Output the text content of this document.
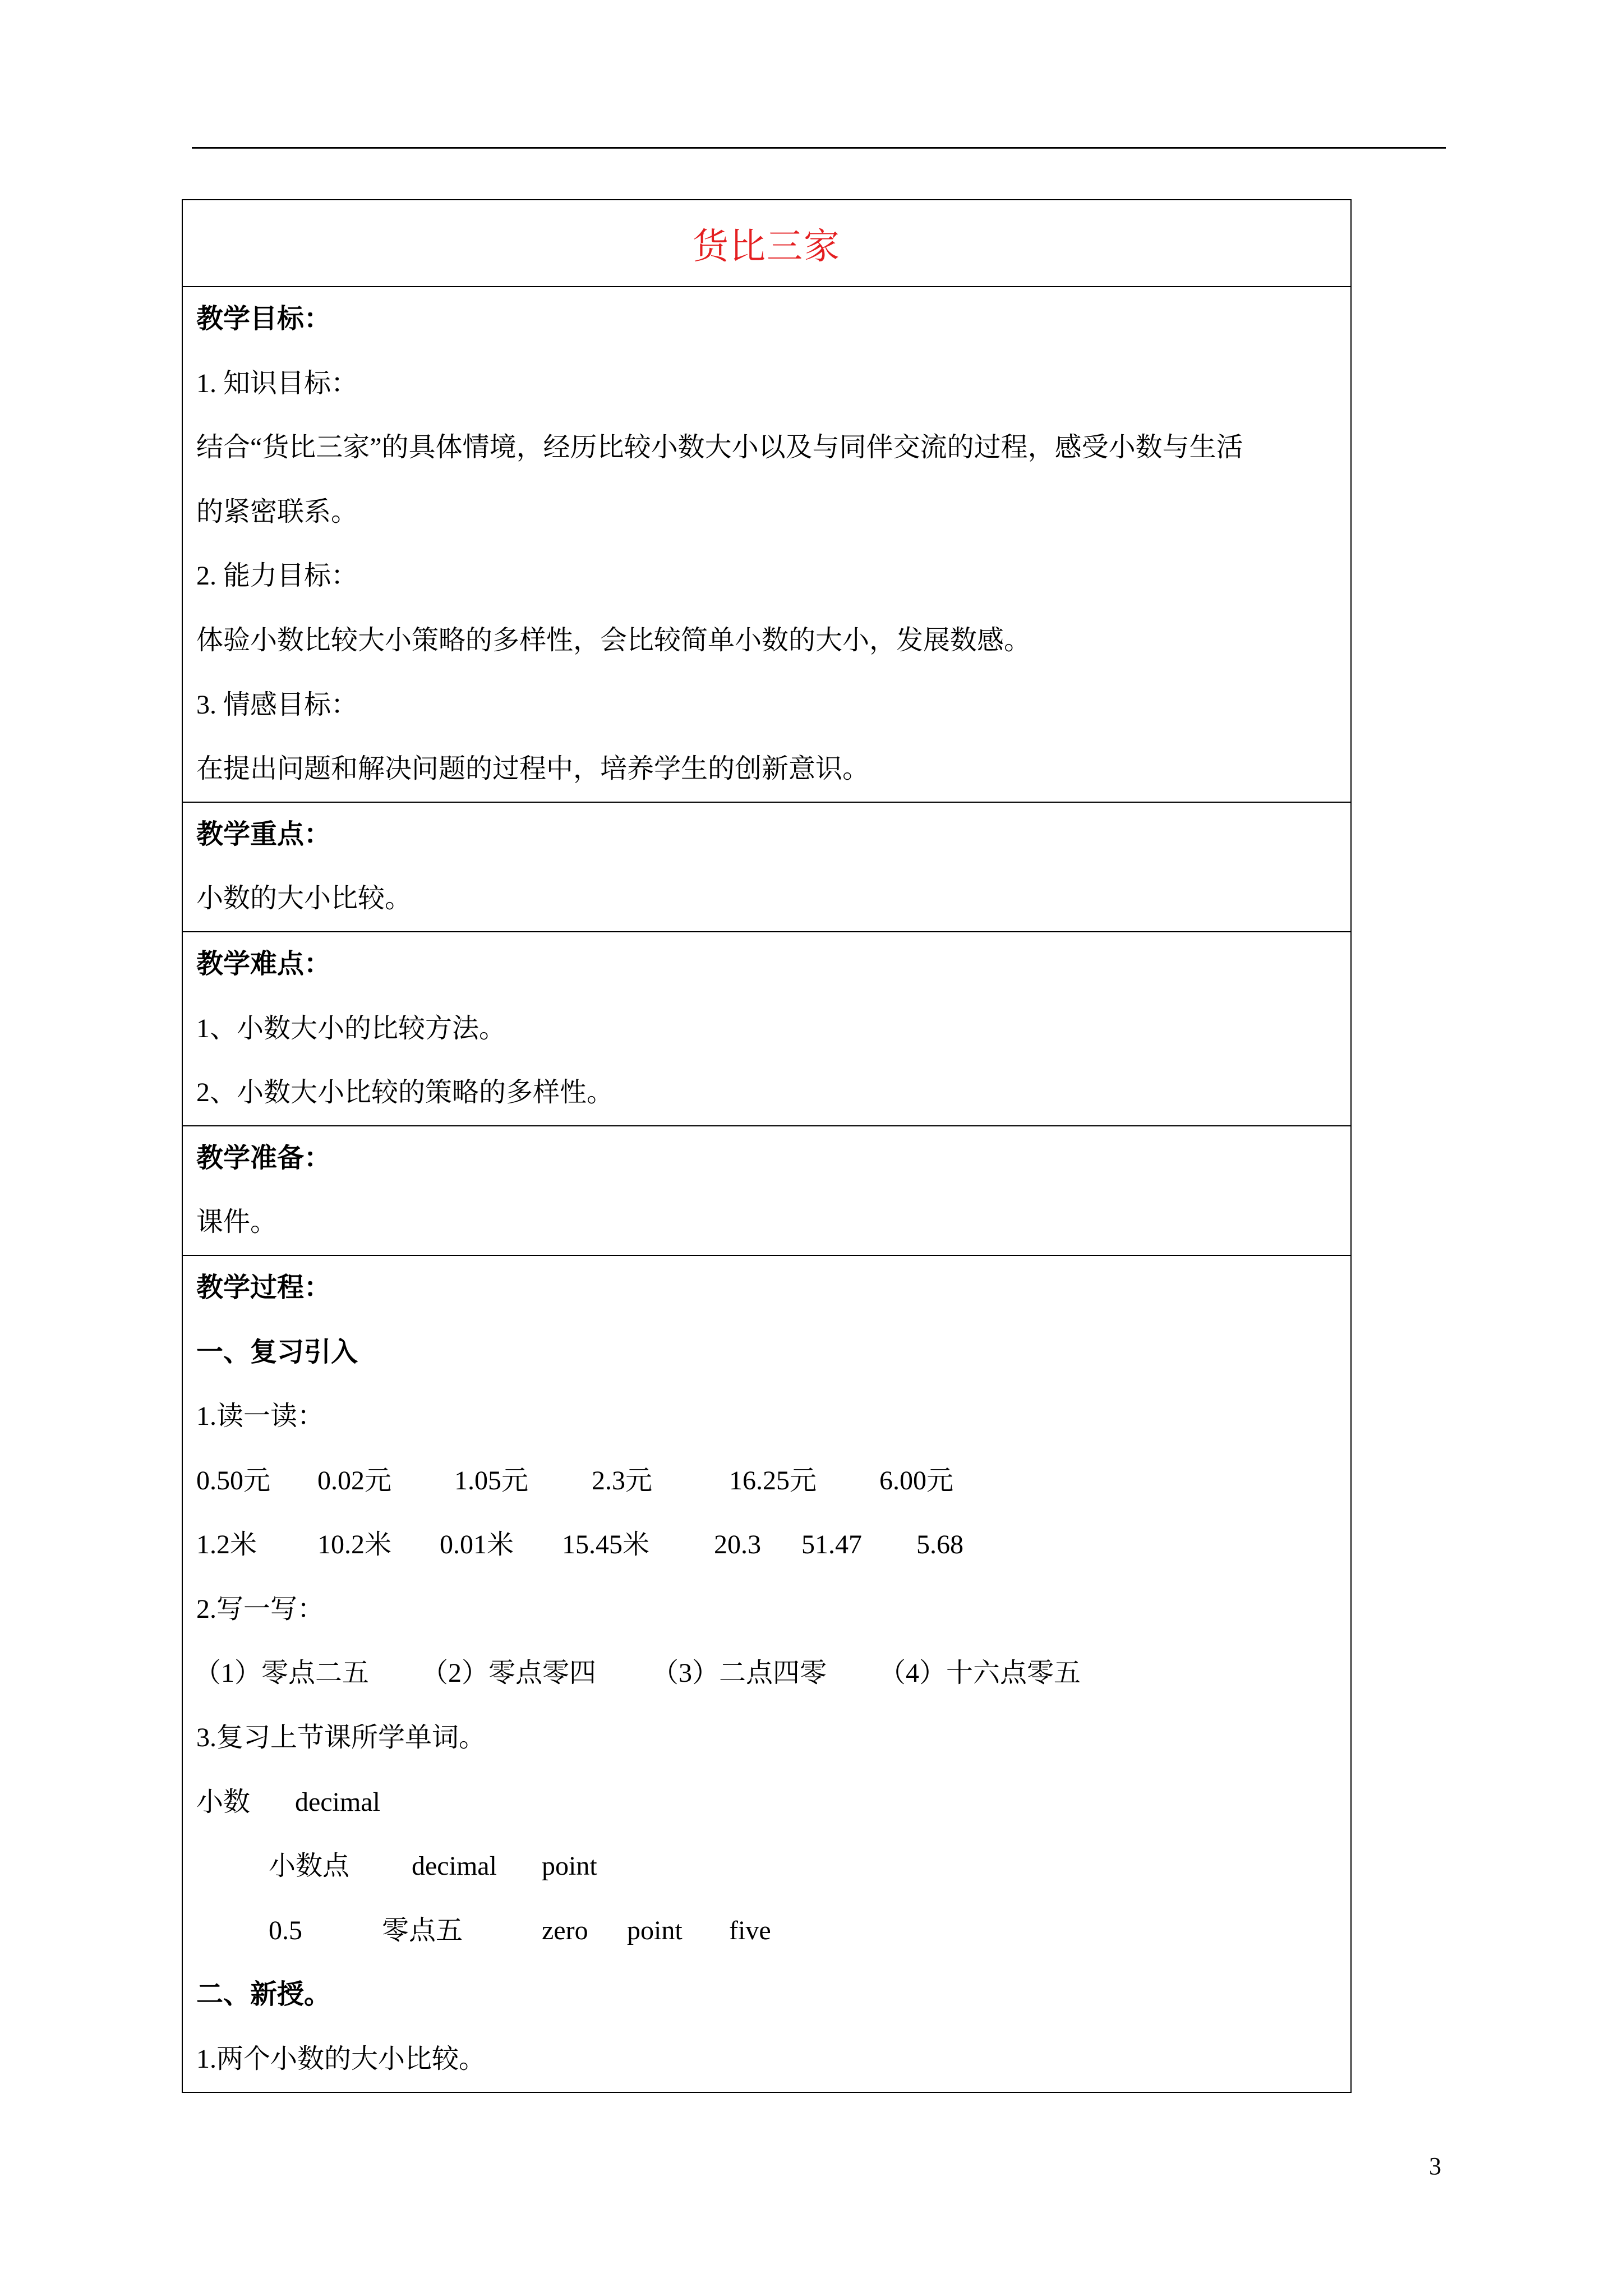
货比三家
教学目标：
1. 知识目标：
结合“货比三家”的具体情境，经历比较小数大小以及与同伴交流的过程，感受小数与生活
的紧密联系。
2. 能力目标：
体验小数比较大小策略的多样性，会比较简单小数的大小，发展数感。
3. 情感目标：
在提出问题和解决问题的过程中，培养学生的创新意识。
教学重点：
小数的大小比较。
教学难点：
1、小数大小的比较方法。
2、小数大小比较的策略的多样性。
教学准备：
课件。
教学过程：
一、复习引入
1.读一读：
0.50元 0.02元 1.05元 2.3元	16.25元 6.00元
1.2米 10.2米 0.01米 15.45米 20.3 51.47 5.68
2.写一写：
（1）零点二五 （2）零点零四 （3）二点四零 （4）十六点零五
3.复习上节课所学单词。
小数 decimal
小数点 decimal point
0.5	零点五	zero point five
二、新授。
1.两个小数的大小比较。
3
